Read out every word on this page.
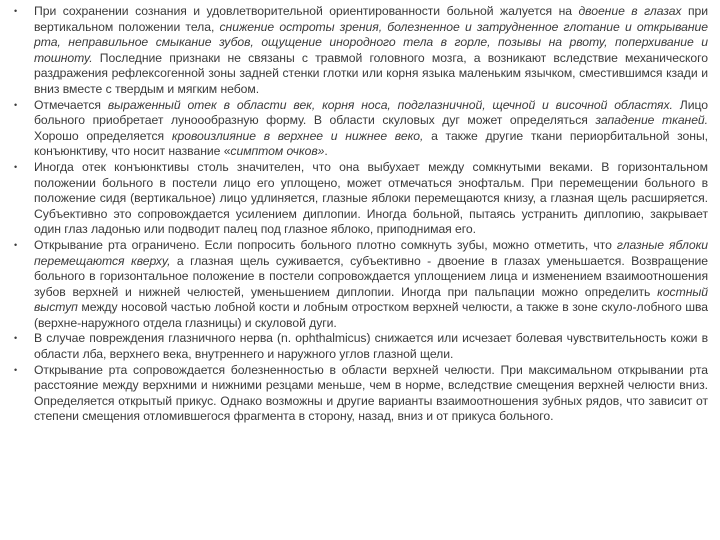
•	При сохранении сознания и удовлетворительной ориентированности больной жалуется на двоение в глазах при вертикальном положении тела, снижение остроты зрения, болезненное и затрудненное глотание и открывание рта, неправильное смыкание зубов, ощущение инородного тела в горле, позывы на рвоту, поперхивание и тошноту. Последние признаки не связаны с травмой головного мозга, а возникают вследствие механического раздражения рефлексогенной зоны задней стенки глотки или корня языка маленьким язычком, сместившимся кзади и вниз вместе с твердым и мягким небом.
•	Отмечается выраженный отек в области век, корня носа, подглазничной, щечной и височной областях. Лицо больного приобретает луноообразную форму. В области скуловых дуг может определяться западение тканей. Хорошо определяется кровоизлияние в верхнее и нижнее веко, а также другие ткани периорбитальной зоны, конъюнктиву, что носит название «симптом очков».
•	Иногда отек конъюнктивы столь значителен, что она выбухает между сомкнутыми веками. В горизонтальном положении больного в постели лицо его уплощено, может отмечаться энофтальм. При перемещении больного в положение сидя (вертикальное) лицо удлиняется, глазные яблоки перемещаются книзу, а глазная щель расширяется. Субъективно это сопровождается усилением диплопии. Иногда больной, пытаясь устранить диплопию, закрывает один глаз ладонью или подводит палец под глазное яблоко, приподнимая его.
•	Открывание рта ограничено. Если попросить больного плотно сомкнуть зубы, можно отметить, что глазные яблоки перемещаются кверху, а глазная щель суживается, субъективно - двоение в глазах уменьшается. Возвращение больного в горизонтальное положение в постели сопровождается уплощением лица и изменением взаимоотношения зубов верхней и нижней челюстей, уменьшением диплопии. Иногда при пальпации можно определить костный выступ между носовой частью лобной кости и лобным отростком верхней челюсти, а также в зоне скуло-лобного шва (верхне-наружного отдела глазницы) и скуловой дуги.
•	В случае повреждения глазничного нерва (n. ophthalmicus) снижается или исчезает болевая чувствительность кожи в области лба, верхнего века, внутреннего и наружного углов глазной щели.
•	Открывание рта сопровождается болезненностью в области верхней челюсти. При максимальном открывании рта расстояние между верхними и нижними резцами меньше, чем в норме, вследствие смещения верхней челюсти вниз. Определяется открытый прикус. Однако возможны и другие варианты взаимоотношения зубных рядов, что зависит от степени смещения отломившегося фрагмента в сторону, назад, вниз и от прикуса больного.
